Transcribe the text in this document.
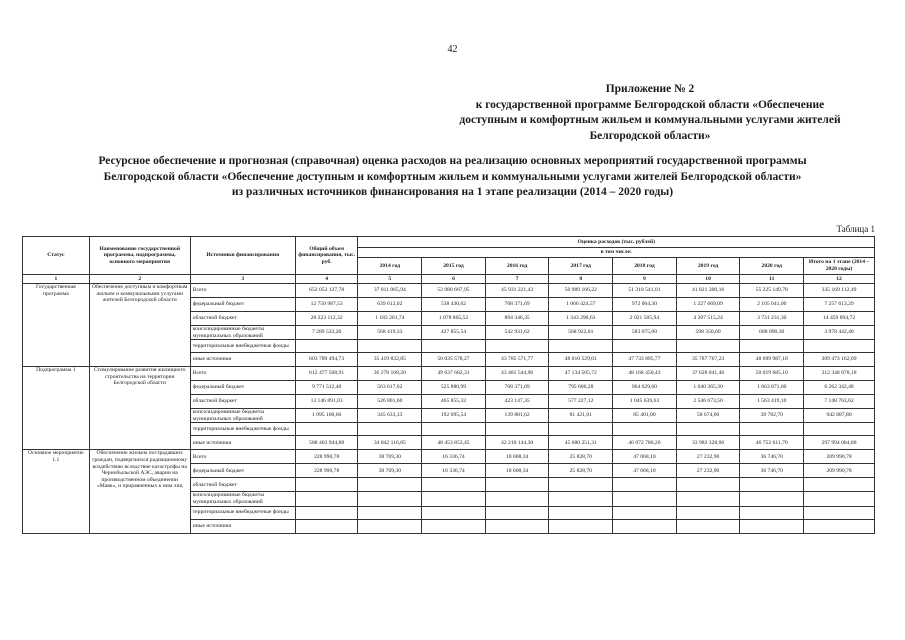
42
Приложение № 2
к государственной программе Белгородской области «Обеспечение
доступным и комфортным жильем и коммунальными услугами жителей
Белгородской области»
Ресурсное обеспечение и прогнозная (справочная) оценка расходов на реализацию основных мероприятий государственной программы
Белгородской области «Обеспечение доступным и комфортным жильем и коммунальными услугами жителей Белгородской области»
из различных источников финансирования на 1 этапе реализации (2014 – 2020 годы)
Таблица 1
Статус	Наименование государственной программы, подпрограммы, основного мероприятия	Источники финансирования	Общий объем финансирования, тыс. руб.	Оценка расходов (тыс. рублей)							
				в том числе:							
				2014 год	2015 год	2016 год	2017 год	2018 год	2019 год	2020 год	Итого на 1 этапе (2014 – 2020 годы)
1	2	3	4	5	6	7	8	9	10	11	12
Государственная программа	Обеспечение доступным и комфортным жильем и коммунальными услугами жителей Белгородской области	Всего	652 053 127,78	37 811 065,94	52 080 667,95	45 931 221,43	50 989 166,22	51 310 541,01	41 821 300,16	55 225 149,78	335 169 112,49
		федеральный бюджет	12 750 987,53	639 612,02	538 430,62	708 371,69	1 066 424,57	972 064,30	1 227 669,09	2 105 041,00	7 257 613,29
		областной бюджет	28 223 112,32	1 183 201,74	1 078 865,52	894 346,35	1 343 290,63	2 021 505,94	4 207 515,24	3 731 231,30	14 459 894,72
		консолидированные бюджеты муниципальных образований	7 289 533,20	568 419,33	427 855,54	542 931,62	568 922,01	583 075,00	598 350,60	688 890,30	3 978 442,40
		территориальные внебюджетные фонды									
		иные источники	603 789 494,73	35 419 832,85	50 035 578,27	43 785 571,77	48 010 529,01	47 733 895,77	35 787 767,23	48 699 987,18	309 473 162,09
Подпрограмма 1	Стимулирование развития жилищного строительства на территории Белгородской области	Всего	612 477 508,91	36 278 168,20	49 637 682,31	43 481 544,96	47 134 505,72	48 168 450,43	37 628 041,46	50 019 685,10	312 348 078,18
		федеральный бюджет	9 771 512,40	563 617,02	525 880,99	708 371,69	795 606,28	964 629,60	1 040 365,30	1 663 871,60	6 262 342,48
		областной бюджет	13 146 891,03	526 801,60	465 855,32	423 147,35	577 227,12	1 045 639,63	2 546 673,50	1 563 419,10	7 148 763,62
		консолидированные бюджеты муниципальных образований	1 095 160,60	345 633,33	192 095,54	139 881,62	81 421,01	85 401,00	58 674,60	39 782,70	942 887,80
		территориальные внебюджетные фонды									
		иные источники	588 463 944,88	34 842 116,85	48 453 853,45	42 210 144,30	45 680 251,31	46 072 780,20	33 982 328,06	46 752 611,70	297 994 084,88
Основное мероприятие 1.1	Обеспечение жильем пострадавших граждан, подвергшихся радиационному воздействию вследствие катастрофы на Чернобыльской АЭС, аварии на производственном объединении «Маяк», и приравненных к ним лиц	Всего	228 990,78	38 769,30	16 336,74	18 008,34	25 828,70	47 068,10	27 232,90	36 746,70	209 990,78
		федеральный бюджет	228 990,78	38 769,30	16 336,74	18 008,34	25 828,70	47 068,10	27 232,90	36 746,70	209 990,78
		областной бюджет									
		консолидированные бюджеты муниципальных образований									
		территориальные внебюджетные фонды									
		иные источники									
